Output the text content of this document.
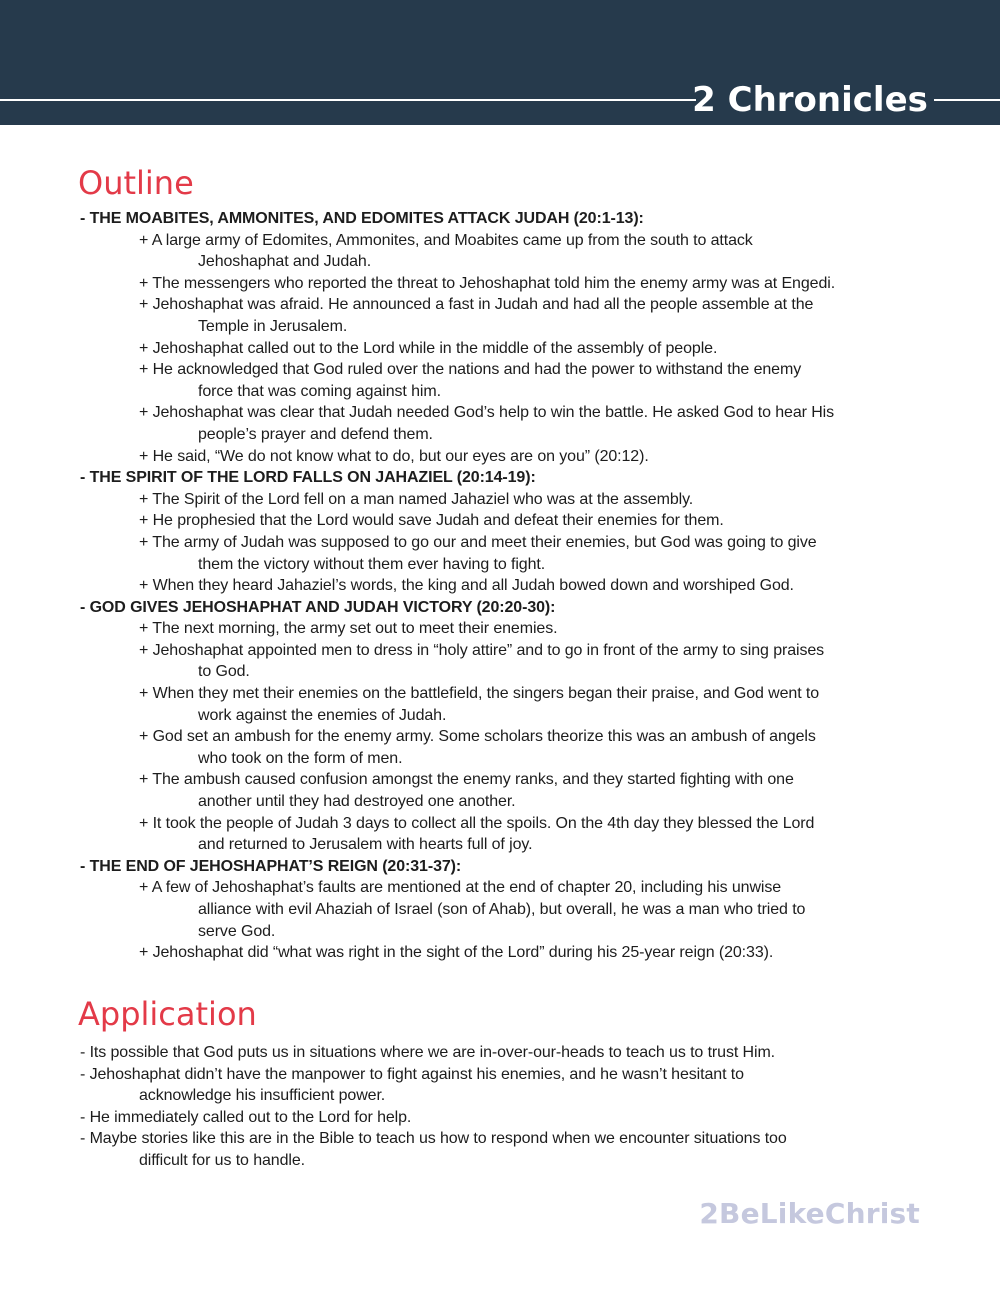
2 Chronicles
Outline
- THE MOABITES, AMMONITES, AND EDOMITES ATTACK JUDAH (20:1-13):
+ A large army of Edomites, Ammonites, and Moabites came up from the south to attack
Jehoshaphat and Judah.
+ The messengers who reported the threat to Jehoshaphat told him the enemy army was at Engedi.
+ Jehoshaphat was afraid. He announced a fast in Judah and had all the people assemble at the
Temple in Jerusalem.
+ Jehoshaphat called out to the Lord while in the middle of the assembly of people.
+ He acknowledged that God ruled over the nations and had the power to withstand the enemy
force that was coming against him.
+ Jehoshaphat was clear that Judah needed God’s help to win the battle. He asked God to hear His
people’s prayer and defend them.
+ He said, “We do not know what to do, but our eyes are on you” (20:12).
- THE SPIRIT OF THE LORD FALLS ON JAHAZIEL (20:14-19):
+ The Spirit of the Lord fell on a man named Jahaziel who was at the assembly.
+ He prophesied that the Lord would save Judah and defeat their enemies for them.
+ The army of Judah was supposed to go our and meet their enemies, but God was going to give
them the victory without them ever having to fight.
+ When they heard Jahaziel’s words, the king and all Judah bowed down and worshiped God.
- GOD GIVES JEHOSHAPHAT AND JUDAH VICTORY (20:20-30):
+ The next morning, the army set out to meet their enemies.
+ Jehoshaphat appointed men to dress in “holy attire” and to go in front of the army to sing praises
to God.
+ When they met their enemies on the battlefield, the singers began their praise, and God went to
work against the enemies of Judah.
+ God set an ambush for the enemy army. Some scholars theorize this was an ambush of angels
who took on the form of men.
+ The ambush caused confusion amongst the enemy ranks, and they started fighting with one
another until they had destroyed one another.
+ It took the people of Judah 3 days to collect all the spoils. On the 4th day they blessed the Lord
and returned to Jerusalem with hearts full of joy.
- THE END OF JEHOSHAPHAT’S REIGN (20:31-37):
+ A few of Jehoshaphat’s faults are mentioned at the end of chapter 20, including his unwise
alliance with evil Ahaziah of Israel (son of Ahab), but overall, he was a man who tried to
serve God.
+ Jehoshaphat did “what was right in the sight of the Lord” during his 25-year reign (20:33).
Application
- Its possible that God puts us in situations where we are in-over-our-heads to teach us to trust Him.
- Jehoshaphat didn’t have the manpower to fight against his enemies, and he wasn’t hesitant to
acknowledge his insufficient power.
- He immediately called out to the Lord for help.
- Maybe stories like this are in the Bible to teach us how to respond when we encounter situations too
difficult for us to handle.
2BeLikeChrist
